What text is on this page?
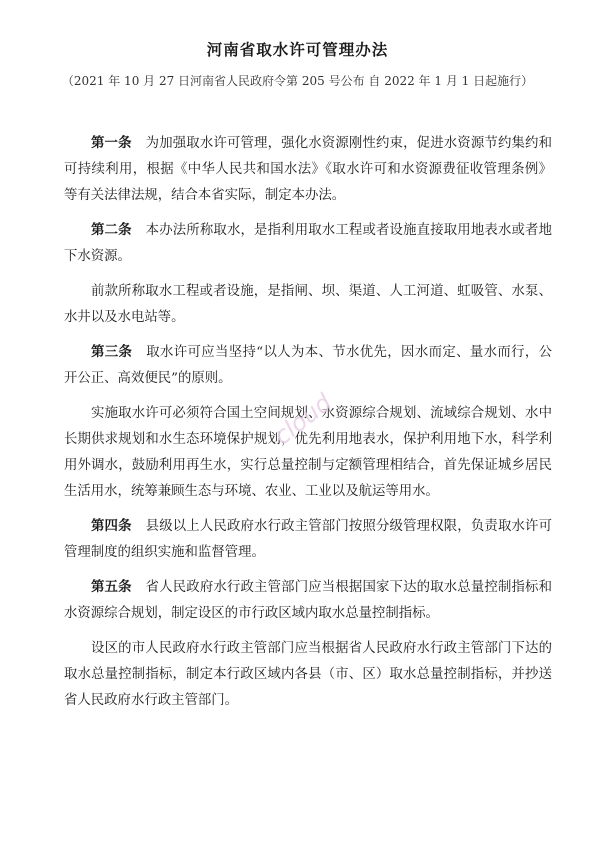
河南省取水许可管理办法
（2021 年 10 月 27 日河南省人民政府令第 205 号公布 自 2022 年 1 月 1 日起施行）

第一条 为加强取水许可管理，强化水资源刚性约束，促进水资源节约集约和可持续利用，根据《中华人民共和国水法》《取水许可和水资源费征收管理条例》等有关法律法规，结合本省实际，制定本办法。

第二条 本办法所称取水，是指利用取水工程或者设施直接取用地表水或者地下水资源。

前款所称取水工程或者设施，是指闸、坝、渠道、人工河道、虹吸管、水泵、水井以及水电站等。

第三条 取水许可应当坚持“以人为本、节水优先，因水而定、量水而行，公开公正、高效便民”的原则。

实施取水许可必须符合国土空间规划、水资源综合规划、流域综合规划、水中长期供求规划和水生态环境保护规划，优先利用地表水，保护利用地下水，科学利用外调水，鼓励利用再生水，实行总量控制与定额管理相结合，首先保证城乡居民生活用水，统筹兼顾生态与环境、农业、工业以及航运等用水。

第四条 县级以上人民政府水行政主管部门按照分级管理权限，负责取水许可管理制度的组织实施和监督管理。

第五条 省人民政府水行政主管部门应当根据国家下达的取水总量控制指标和水资源综合规划，制定设区的市行政区域内取水总量控制指标。

设区的市人民政府水行政主管部门应当根据省人民政府水行政主管部门下达的取水总量控制指标，制定本行政区域内各县（市、区）取水总量控制指标，并抄送省人民政府水行政主管部门。

cloud
